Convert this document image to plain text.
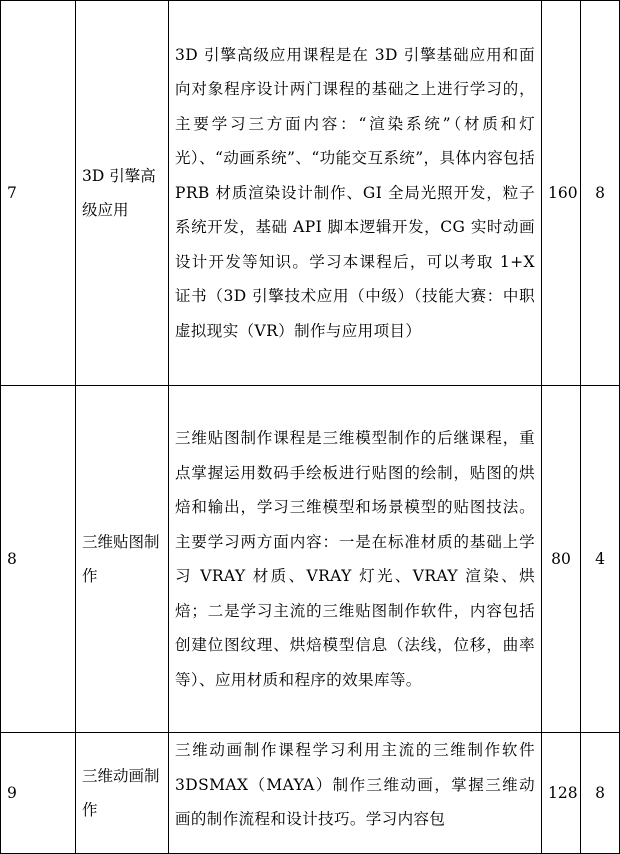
7	3D 引擎高级应用	3D 引擎高级应用课程是在 3D 引擎基础应用和面向对象程序设计两门课程的基础之上进行学习的，主要学习三方面内容：“渲染系统”（材质和灯光）、“动画系统”、“功能交互系统”，具体内容包括 PRB 材质渲染设计制作、GI 全局光照开发，粒子系统开发，基础 API 脚本逻辑开发，CG 实时动画设计开发等知识。学习本课程后，可以考取 1+X 证书（3D 引擎技术应用（中级）（技能大赛：中职虚拟现实（VR）制作与应用项目）	160	8

8	三维贴图制作	三维贴图制作课程是三维模型制作的后继课程，重点掌握运用数码手绘板进行贴图的绘制，贴图的烘焙和输出，学习三维模型和场景模型的贴图技法。主要学习两方面内容：一是在标准材质的基础上学习 VRAY 材质、VRAY 灯光、VRAY 渲染、烘焙；二是学习主流的三维贴图制作软件，内容包括创建位图纹理、烘焙模型信息（法线，位移，曲率等）、应用材质和程序的效果库等。	80	4

9	三维动画制作	三维动画制作课程学习利用主流的三维制作软件 3DSMAX（MAYA）制作三维动画，掌握三维动画的制作流程和设计技巧。学习内容包	128	8
